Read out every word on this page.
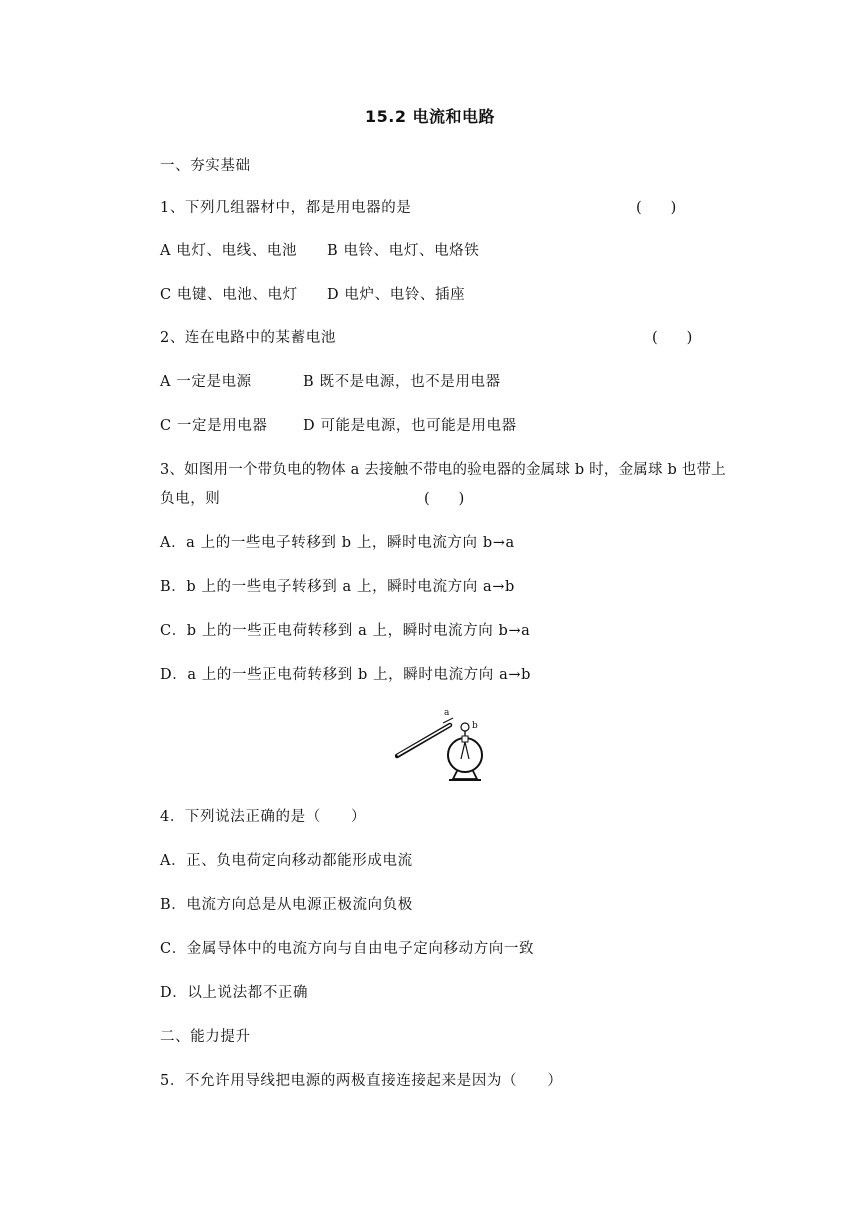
15.2 电流和电路
一、夯实基础
1、下列几组器材中，都是用电器的是	(　　)
A 电灯、电线、电池 B 电铃、电灯、电烙铁
C 电键、电池、电灯 D 电炉、电铃、插座
2、连在电路中的某蓄电池	(　　)
A 一定是电源	B 既不是电源，也不是用电器
C 一定是用电器 D 可能是电源，也可能是用电器
3、如图用一个带负电的物体 a 去接触不带电的验电器的金属球 b 时，金属球 b 也带上
负电，则	(　　)
A．a 上的一些电子转移到 b 上，瞬时电流方向 b→a
B．b 上的一些电子转移到 a 上，瞬时电流方向 a→b
C．b 上的一些正电荷转移到 a 上，瞬时电流方向 b→a
D．a 上的一些正电荷转移到 b 上，瞬时电流方向 a→b
a
b
4．下列说法正确的是（　　）
A．正、负电荷定向移动都能形成电流
B．电流方向总是从电源正极流向负极
C．金属导体中的电流方向与自由电子定向移动方向一致
D．以上说法都不正确
二、能力提升
5．不允许用导线把电源的两极直接连接起来是因为（　　）
